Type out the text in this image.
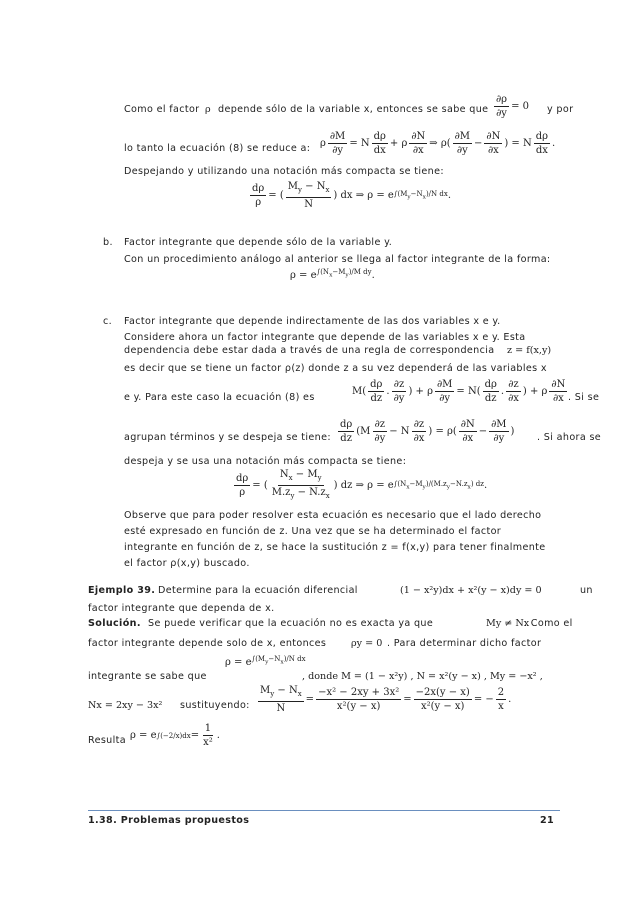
Como el factor ρ depende sólo de la variable x, entonces se sabe que
∂ρ
∂y
= 0 y por
lo tanto la ecuación (8) se reduce a: ρ
∂M
∂y
= N
dρ
dx
+ ρ
∂N
∂x
⇒ ρ(
∂M
∂y
−
∂N
∂x
) = N
dρ
dx
.
Despejando y utilizando una notación más compacta se tiene:
dρ
ρ
= (
$M_y - N_x$
N
) dx ⇒ ρ = e $\int(M_y-N_x)/N$ dx .
b. Factor integrante que depende sólo de la variable y.
Con un procedimiento análogo al anterior se llega al factor integrante de la forma:
$\rho = e^{\int(N_x-M_y)/M dy}$.
c. Factor integrante que depende indirectamente de las dos variables x e y.
Considere ahora un factor integrante que depende de las variables x e y. Esta
dependencia debe estar dada a través de una regla de correspondencia z = f(x,y)
es decir que se tiene un factor ρ(z) donde z a su vez dependerá de las variables x
e y. Para este caso la ecuación (8) es
M(
dρ
dz
.
∂z
∂y
) + ρ
∂M
∂y
= N(
dρ
dz
.
∂z
∂x
) + ρ
∂N
∂x . Si se
agrupan términos y se despeja se tiene:
dρ
dz
(M
∂z
∂y
− N
∂z
∂x
) = ρ(
∂N
∂x
−
∂M
∂y
)
. Si ahora se
despeja y se usa una notación más compacta se tiene:
dρ
ρ
= (
$N_x - M_y$
$M.z_y - N.z_x$
) dz ⇒ ρ = e $\int(N_x-M_y)/(M.z_y-N.z_x)$ dz .
Observe que para poder resolver esta ecuación es necesario que el lado derecho
esté expresado en función de z. Una vez que se ha determinado el factor
integrante en función de z, se hace la sustitución z = f(x,y) para tener finalmente
el factor ρ(x,y) buscado.
Ejemplo 39. Determine para la ecuación diferencial	(1 − x²y)dx + x²(y − x)dy = 0	un
factor integrante que dependa de x.
Solución. Se puede verificar que la ecuación no es exacta ya que	My ≠ Nx
. Como el
factor integrante depende solo de x, entonces	ρy = 0 . Para determinar dicho factor
integrante se sabe que
$\rho = e^{\int(M_y-N_x)/N dx}$
, donde M = (1 − x²y) , N = x²(y − x) , My = −x² ,
Nx = 2xy − 3x² sustituyendo:
$M_y - N_x$
N
=
−x² − 2xy + 3x²
x²(y − x)
=
−2x(y − x)
x²(y − x)
= −
2
x
.
Resulta ρ = e ∫(−2/x)dx =
1
x²
.
1.38. Problemas propuestos	21
